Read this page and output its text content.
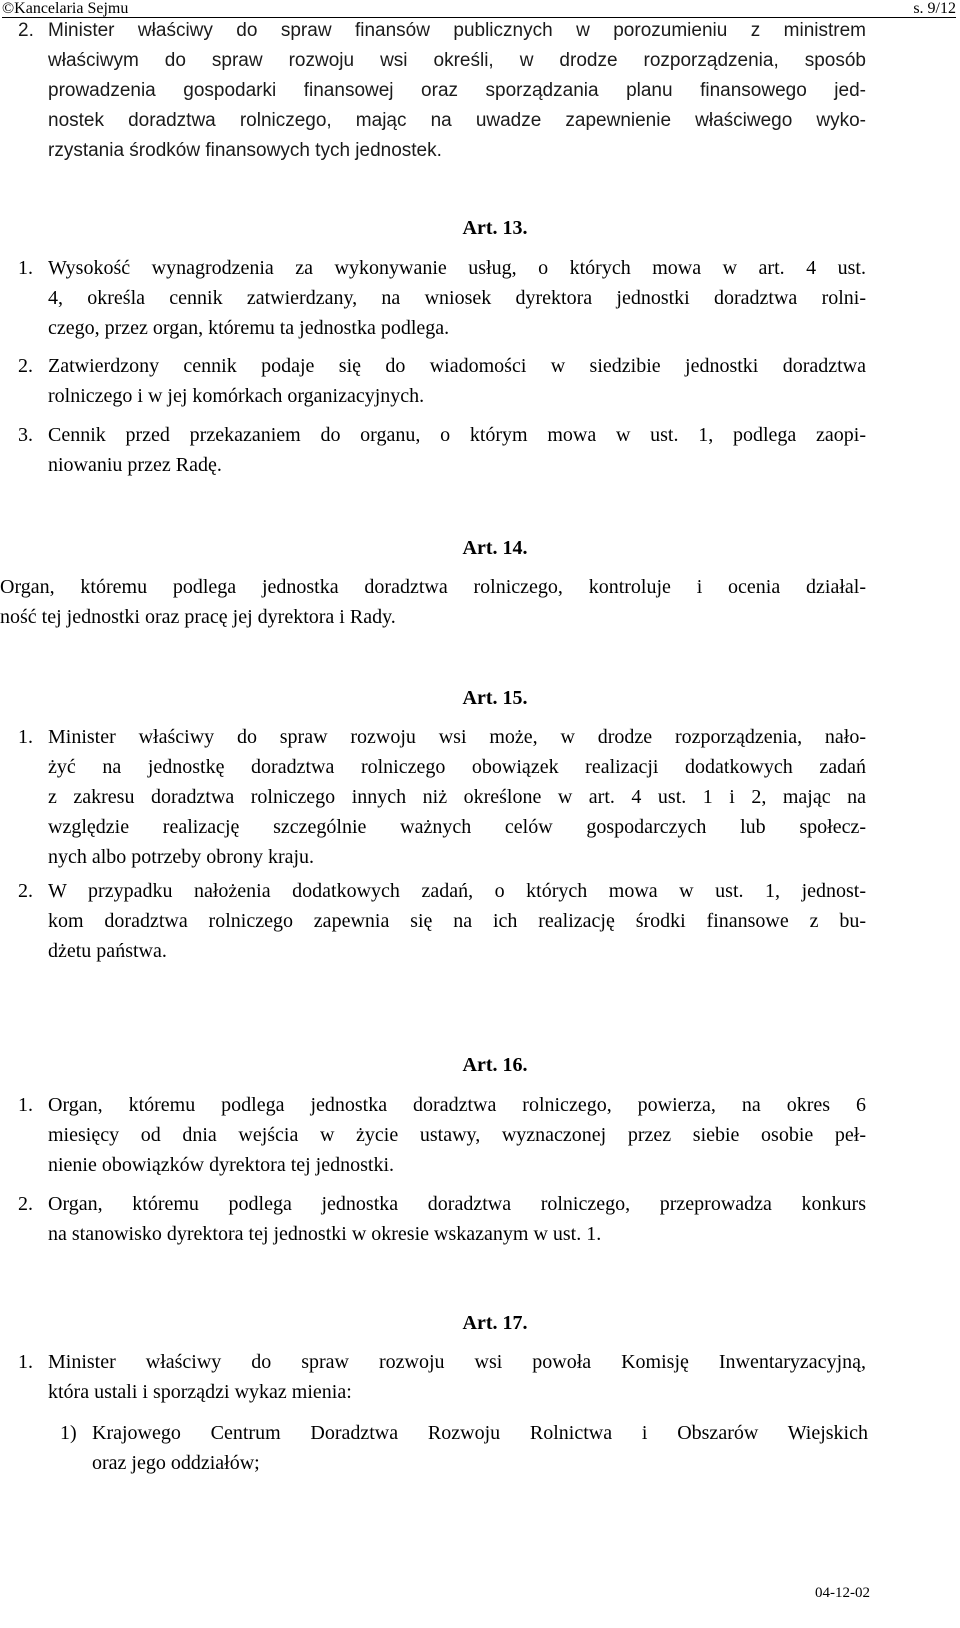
©Kancelaria Sejmu	s. 9/12
2. Minister właściwy do spraw finansów publicznych w porozumieniu z ministrem
właściwym do spraw rozwoju wsi określi, w drodze rozporządzenia, sposób
prowadzenia gospodarki finansowej oraz sporządzania planu finansowego jed-
nostek doradztwa rolniczego, mając na uwadze zapewnienie właściwego wyko-
rzystania środków finansowych tych jednostek.
Art. 13.
1. Wysokość wynagrodzenia za wykonywanie usług, o których mowa w art. 4 ust.
4, określa cennik zatwierdzany, na wniosek dyrektora jednostki doradztwa rolni-
czego, przez organ, któremu ta jednostka podlega.
2. Zatwierdzony cennik podaje się do wiadomości w siedzibie jednostki doradztwa
rolniczego i w jej komórkach organizacyjnych.
3. Cennik przed przekazaniem do organu, o którym mowa w ust. 1, podlega zaopi-
niowaniu przez Radę.
Art. 14.
Organ, któremu podlega jednostka doradztwa rolniczego, kontroluje i ocenia działal-
ność tej jednostki oraz pracę jej dyrektora i Rady.
Art. 15.
1. Minister właściwy do spraw rozwoju wsi może, w drodze rozporządzenia, nało-
żyć na jednostkę doradztwa rolniczego obowiązek realizacji dodatkowych zadań
z zakresu doradztwa rolniczego innych niż określone w art. 4 ust. 1 i 2, mając na
względzie realizację szczególnie ważnych celów gospodarczych lub społecz-
nych albo potrzeby obrony kraju.
2. W przypadku nałożenia dodatkowych zadań, o których mowa w ust. 1, jednost-
kom doradztwa rolniczego zapewnia się na ich realizację środki finansowe z bu-
dżetu państwa.
Art. 16.
1. Organ, któremu podlega jednostka doradztwa rolniczego, powierza, na okres 6
miesięcy od dnia wejścia w życie ustawy, wyznaczonej przez siebie osobie peł-
nienie obowiązków dyrektora tej jednostki.
2. Organ, któremu podlega jednostka doradztwa rolniczego, przeprowadza konkurs
na stanowisko dyrektora tej jednostki w okresie wskazanym w ust. 1.
Art. 17.
1. Minister właściwy do spraw rozwoju wsi powoła Komisję Inwentaryzacyjną,
która ustali i sporządzi wykaz mienia:
1) Krajowego Centrum Doradztwa Rozwoju Rolnictwa i Obszarów Wiejskich
oraz jego oddziałów;
04-12-02
